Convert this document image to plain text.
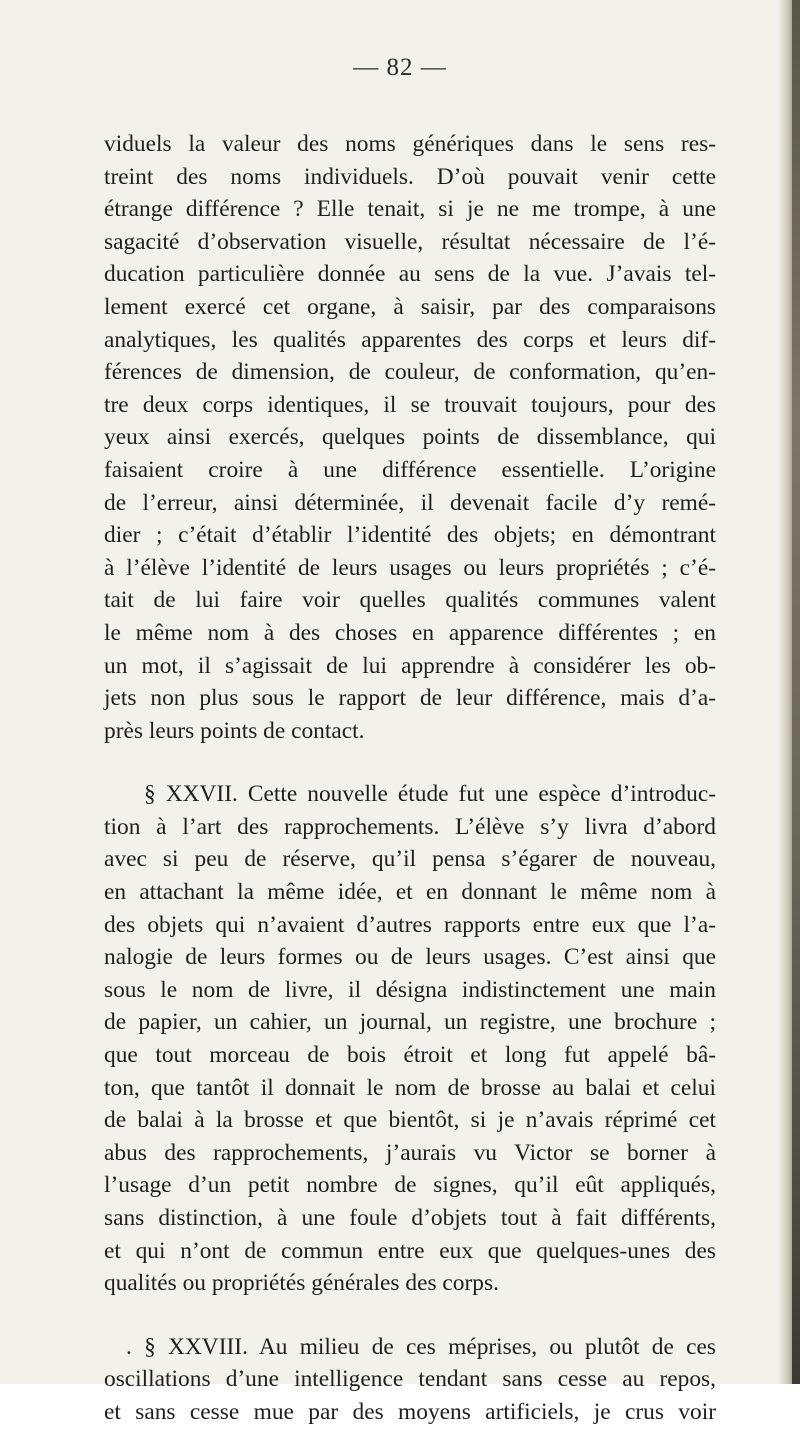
— 82 —
viduels la valeur des noms génériques dans le sens res-
treint des noms individuels. D’où pouvait venir cette
étrange différence ? Elle tenait, si je ne me trompe, à une
sagacité d’observation visuelle, résultat nécessaire de l’é-
ducation particulière donnée au sens de la vue. J’avais tel-
lement exercé cet organe, à saisir, par des comparaisons
analytiques, les qualités apparentes des corps et leurs dif-
férences de dimension, de couleur, de conformation, qu’en-
tre deux corps identiques, il se trouvait toujours, pour des
yeux ainsi exercés, quelques points de dissemblance, qui
faisaient croire à une différence essentielle. L’origine
de l’erreur, ainsi déterminée, il devenait facile d’y remé-
dier ; c’était d’établir l’identité des objets; en démontrant
à l’élève l’identité de leurs usages ou leurs propriétés ; c’é-
tait de lui faire voir quelles qualités communes valent
le même nom à des choses en apparence différentes ; en
un mot, il s’agissait de lui apprendre à considérer les ob-
jets non plus sous le rapport de leur différence, mais d’a-
près leurs points de contact.
§ XXVII. Cette nouvelle étude fut une espèce d’introduc-
tion à l’art des rapprochements. L’élève s’y livra d’abord
avec si peu de réserve, qu’il pensa s’égarer de nouveau,
en attachant la même idée, et en donnant le même nom à
des objets qui n’avaient d’autres rapports entre eux que l’a-
nalogie de leurs formes ou de leurs usages. C’est ainsi que
sous le nom de livre, il désigna indistinctement une main
de papier, un cahier, un journal, un registre, une brochure ;
que tout morceau de bois étroit et long fut appelé bâ-
ton, que tantôt il donnait le nom de brosse au balai et celui
de balai à la brosse et que bientôt, si je n’avais réprimé cet
abus des rapprochements, j’aurais vu Victor se borner à
l’usage d’un petit nombre de signes, qu’il eût appliqués,
sans distinction, à une foule d’objets tout à fait différents,
et qui n’ont de commun entre eux que quelques-unes des
qualités ou propriétés générales des corps.
. § XXVIII. Au milieu de ces méprises, ou plutôt de ces
oscillations d’une intelligence tendant sans cesse au repos,
et sans cesse mue par des moyens artificiels, je crus voir
